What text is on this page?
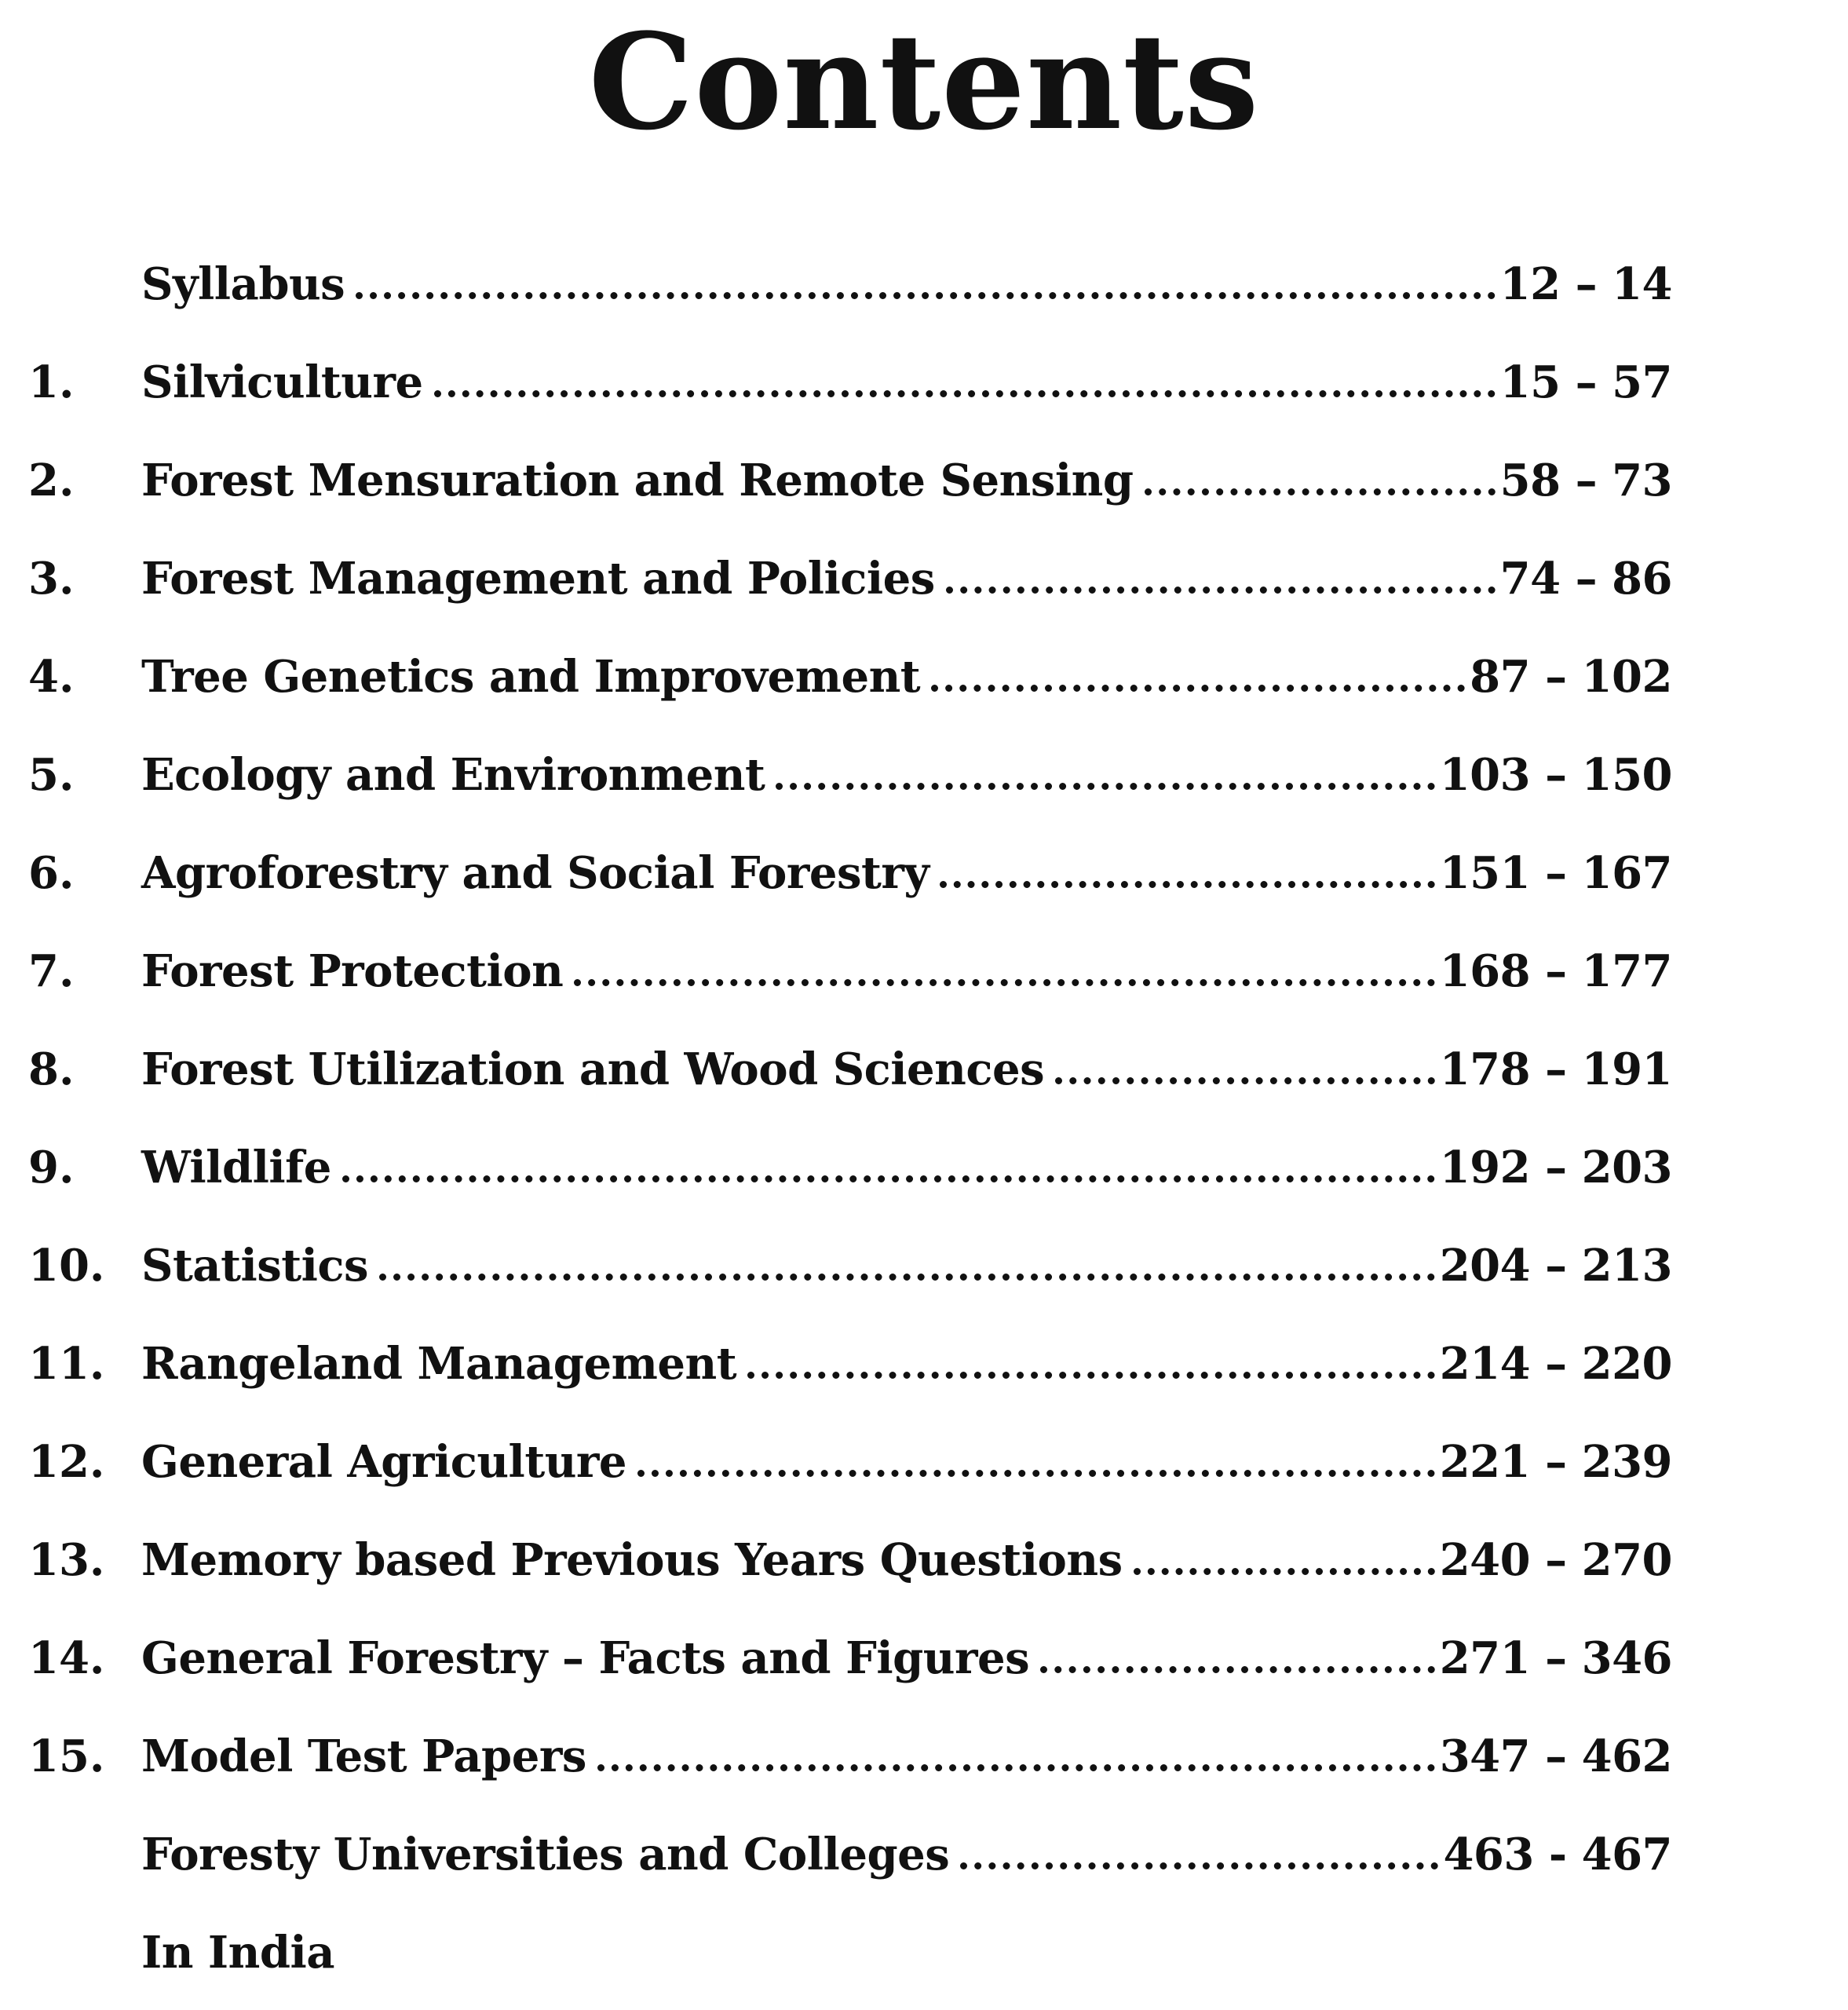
Contents
Syllabus	12 – 14
1.	Silviculture	15 – 57
2.	Forest Mensuration and Remote Sensing	58 – 73
3.	Forest Management and Policies	74 – 86
4.	Tree Genetics and Improvement	87 – 102
5.	Ecology and Environment	103 – 150
6.	Agroforestry and Social Forestry	151 – 167
7.	Forest Protection	168 – 177
8.	Forest Utilization and Wood Sciences	178 – 191
9.	Wildlife	192 – 203
10. Statistics	204 – 213
11. Rangeland Management	214 – 220
12. General Agriculture	221 – 239
13. Memory based Previous Years Questions	240 – 270
14. General Forestry – Facts and Figures	271 – 346
15. Model Test Papers	347 – 462
Foresty Universities and Colleges	463 - 467
In India
